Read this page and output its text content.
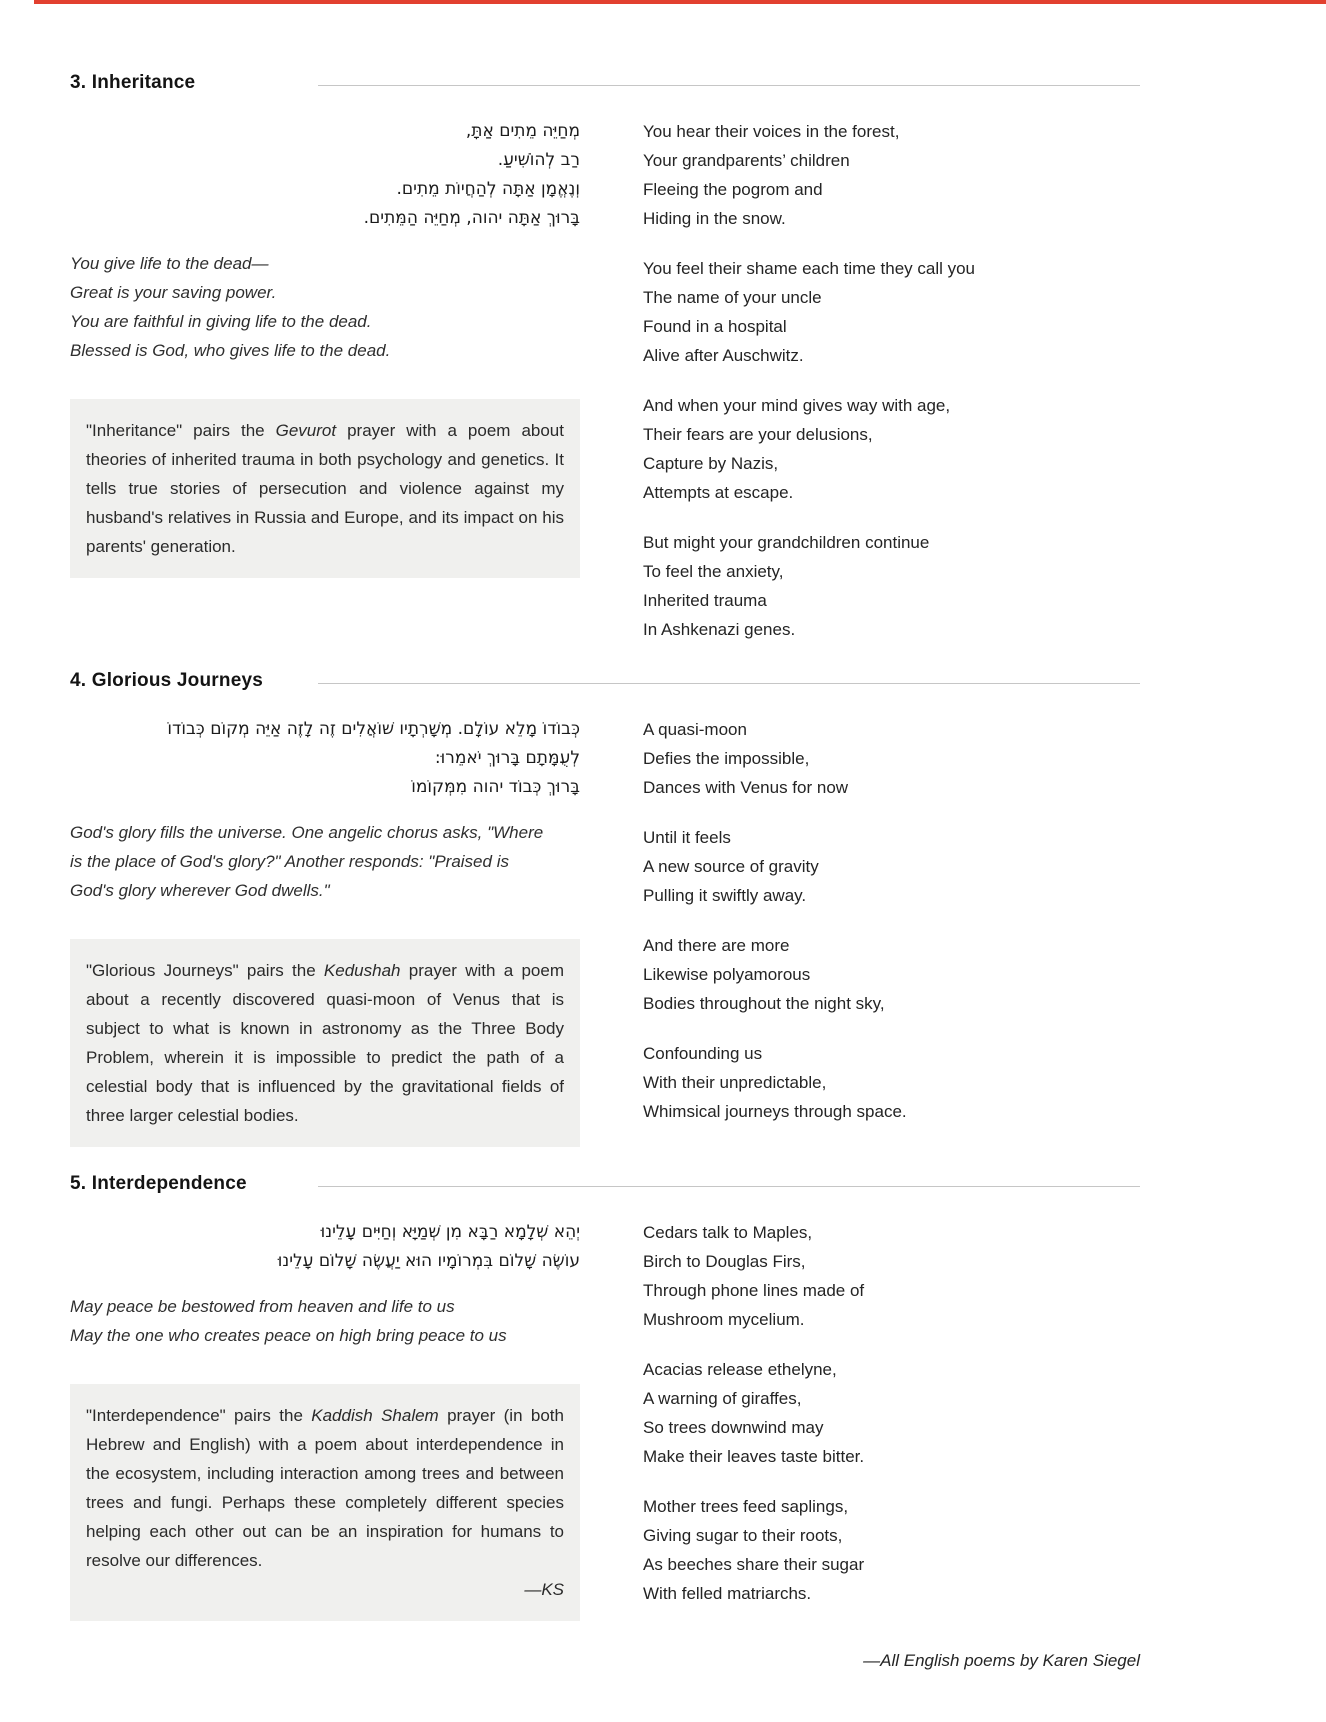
3. Inheritance
מְחַיֵּה מֵתִים אַתָּ,
רַב לְהוֹשִׁיעַ.
וְנֶאֱמָן אַתָּה לְהַחֲיוֹת מֵתִים.
בָּרוּךְ אַתָּה יהוה, מְחַיֵּה הַמֵּתִים.
You give life to the dead—
Great is your saving power.
You are faithful in giving life to the dead.
Blessed is God, who gives life to the dead.

"Inheritance" pairs the Gevurot prayer with a poem about theories of inherited trauma in both psychology and genetics. It tells true stories of persecution and violence against my husband's relatives in Russia and Europe, and its impact on his parents' generation.

You hear their voices in the forest,
Your grandparents’ children
Fleeing the pogrom and
Hiding in the snow.

You feel their shame each time they call you
The name of your uncle
Found in a hospital
Alive after Auschwitz.

And when your mind gives way with age,
Their fears are your delusions,
Capture by Nazis,
Attempts at escape.

But might your grandchildren continue
To feel the anxiety,
Inherited trauma
In Ashkenazi genes.

4. Glorious Journeys
כְּבוֹדוֹ מָלֵא עוֹלָם. מְשָׁרְתָיו שׁוֹאֲלִים זֶה לָזֶה אַיֵּה מְקוֹם כְּבוֹדוֹ
לְעֻמָּתָם בָּרוּךְ יֹאמֵרוּ:
בָּרוּךְ כְּבוֹד יהוה מִמְּקוֹמוֹ
God's glory fills the universe. One angelic chorus asks, "Where
is the place of God's glory?" Another responds: "Praised is
God's glory wherever God dwells."

"Glorious Journeys" pairs the Kedushah prayer with a poem about a recently discovered quasi-moon of Venus that is subject to what is known in astronomy as the Three Body Problem, wherein it is impossible to predict the path of a celestial body that is influenced by the gravitational fields of three larger celestial bodies.

A quasi-moon
Defies the impossible,
Dances with Venus for now

Until it feels
A new source of gravity
Pulling it swiftly away.

And there are more
Likewise polyamorous
Bodies throughout the night sky,

Confounding us
With their unpredictable,
Whimsical journeys through space.

5. Interdependence
יְהֵא שְׁלָמָא רַבָּא מִן שְׁמַיָּא וְחַיִּים עָלֵינוּ
עוֹשֶׂה שָׁלוֹם בִּמְרוֹמָיו הוּא יַעֲשֶׂה שָׁלוֹם עָלֵינוּ
May peace be bestowed from heaven and life to us
May the one who creates peace on high bring peace to us

"Interdependence" pairs the Kaddish Shalem prayer (in both Hebrew and English) with a poem about interdependence in the ecosystem, including interaction among trees and between trees and fungi. Perhaps these completely different species helping each other out can be an inspiration for humans to resolve our differences.

—KS

Cedars talk to Maples,
Birch to Douglas Firs,
Through phone lines made of
Mushroom mycelium.

Acacias release ethelyne,
A warning of giraffes,
So trees downwind may
Make their leaves taste bitter.

Mother trees feed saplings,
Giving sugar to their roots,
As beeches share their sugar
With felled matriarchs.

—All English poems by Karen Siegel
